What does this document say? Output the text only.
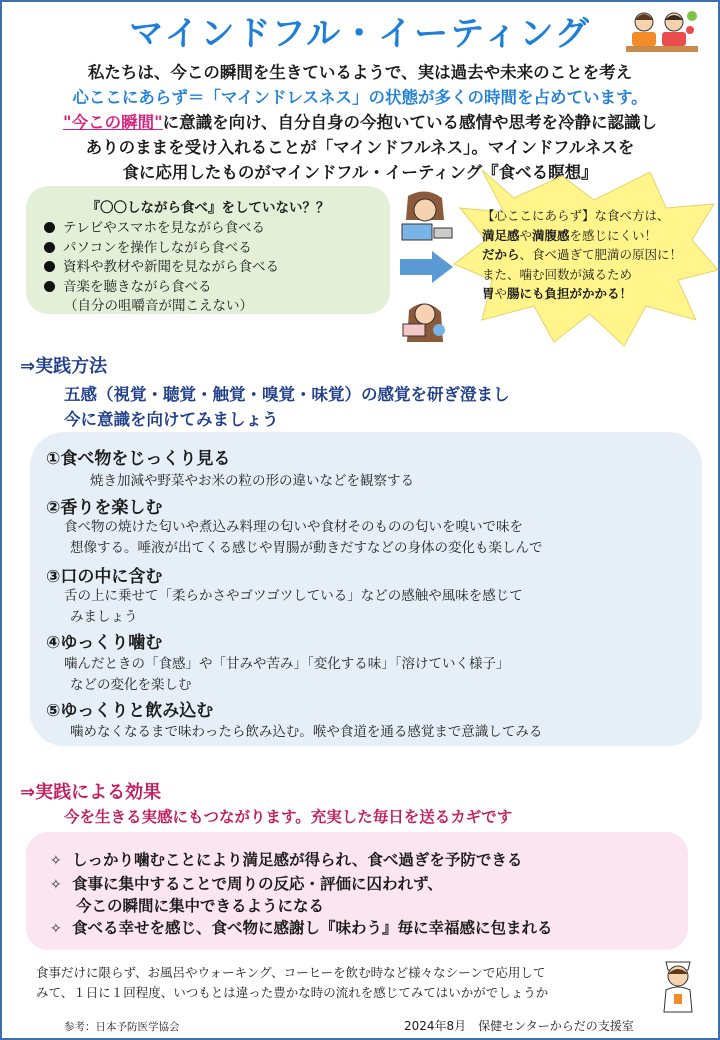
マインドフル・イーティング
私たちは、今この瞬間を生きているようで、実は過去や未来のことを考え
心ここにあらず＝「マインドレスネス」の状態が多くの時間を占めています。
"今この瞬間"に意識を向け、自分自身の今抱いている感情や思考を冷静に認識し
ありのままを受け入れることが「マインドフルネス」。マインドフルネスを
食に応用したものがマインドフル・イーティング『食べる瞑想』
『〇〇しながら食べ』をしていない？？
テレビやスマホを見ながら食べる
パソコンを操作しながら食べる
資料や教材や新聞を見ながら食べる
音楽を聴きながら食べる
（自分の咀嚼音が聞こえない）
【心ここにあらず】な食べ方は、
満足感や満腹感を感じにくい！
だから、食べ過ぎて肥満の原因に！
また、噛む回数が減るため
胃や腸にも負担がかかる！
⇒実践方法
五感（視覚・聴覚・触覚・嗅覚・味覚）の感覚を研ぎ澄まし
今に意識を向けてみましょう
①食べ物をじっくり見る
焼き加減や野菜やお米の粒の形の違いなどを観察する
②香りを楽しむ
食べ物の焼けた匂いや煮込み料理の匂いや食材そのものの匂いを嗅いで味を
想像する。唾液が出てくる感じや胃腸が動きだすなどの身体の変化も楽しんで
③口の中に含む
舌の上に乗せて「柔らかさやゴツゴツしている」などの感触や風味を感じて
みましょう
④ゆっくり噛む
噛んだときの「食感」や「甘みや苦み」「変化する味」「溶けていく様子」
などの変化を楽しむ
⑤ゆっくりと飲み込む
噛めなくなるまで味わったら飲み込む。喉や食道を通る感覚まで意識してみる
⇒実践による効果
今を生きる実感にもつながります。充実した毎日を送るカギです
✧ しっかり噛むことにより満足感が得られ、食べ過ぎを予防できる
✧ 食事に集中することで周りの反応・評価に囚われず、
今この瞬間に集中できるようになる
✧ 食べる幸せを感じ、食べ物に感謝し『味わう』毎に幸福感に包まれる
食事だけに限らず、お風呂やウォーキング、コーヒーを飲む時など様々なシーンで応用して
みて、１日に１回程度、いつもとは違った豊かな時の流れを感じてみてはいかがでしょうか
参考：日本予防医学協会	2024年8月　保健センターからだの支援室
